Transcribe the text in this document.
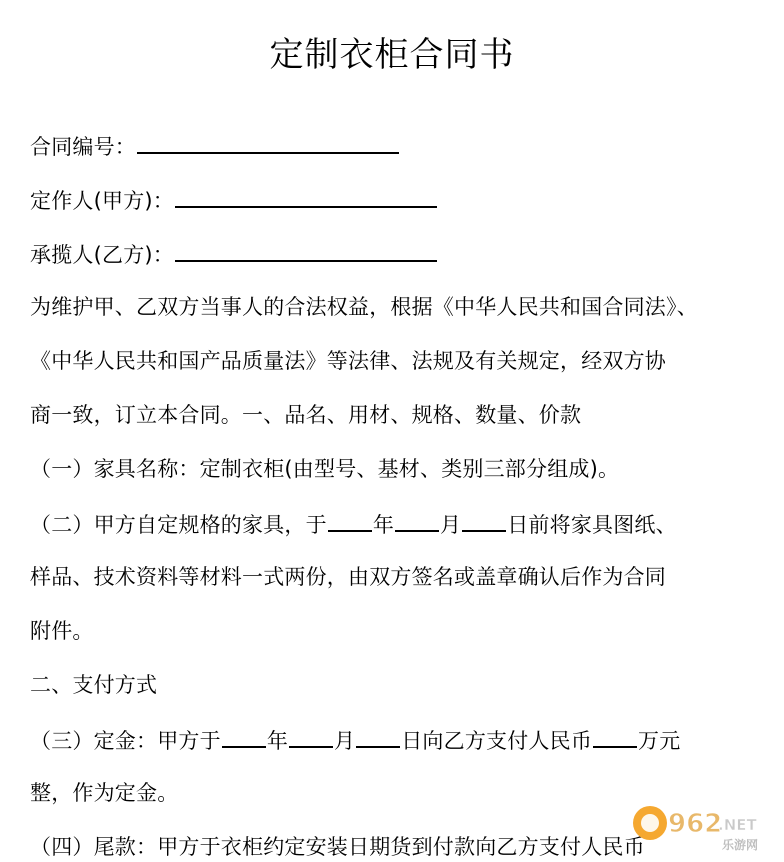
定制衣柜合同书
合同编号：
定作人(甲方)：
承揽人(乙方)：
为维护甲、乙双方当事人的合法权益，根据《中华人民共和国合同法》、
《中华人民共和国产品质量法》等法律、法规及有关规定，经双方协
商一致，订立本合同。一、品名、用材、规格、数量、价款
（一）家具名称：定制衣柜(由型号、基材、类别三部分组成)。
（二）甲方自定规格的家具，于 年 月 日前将家具图纸、
样品、技术资料等材料一式两份，由双方签名或盖章确认后作为合同
附件。
二、支付方式
（三）定金：甲方于 年 月 日向乙方支付人民币 万元
整，作为定金。
（四）尾款：甲方于衣柜约定安装日期货到付款向乙方支付人民币
962
.NET
乐游网
